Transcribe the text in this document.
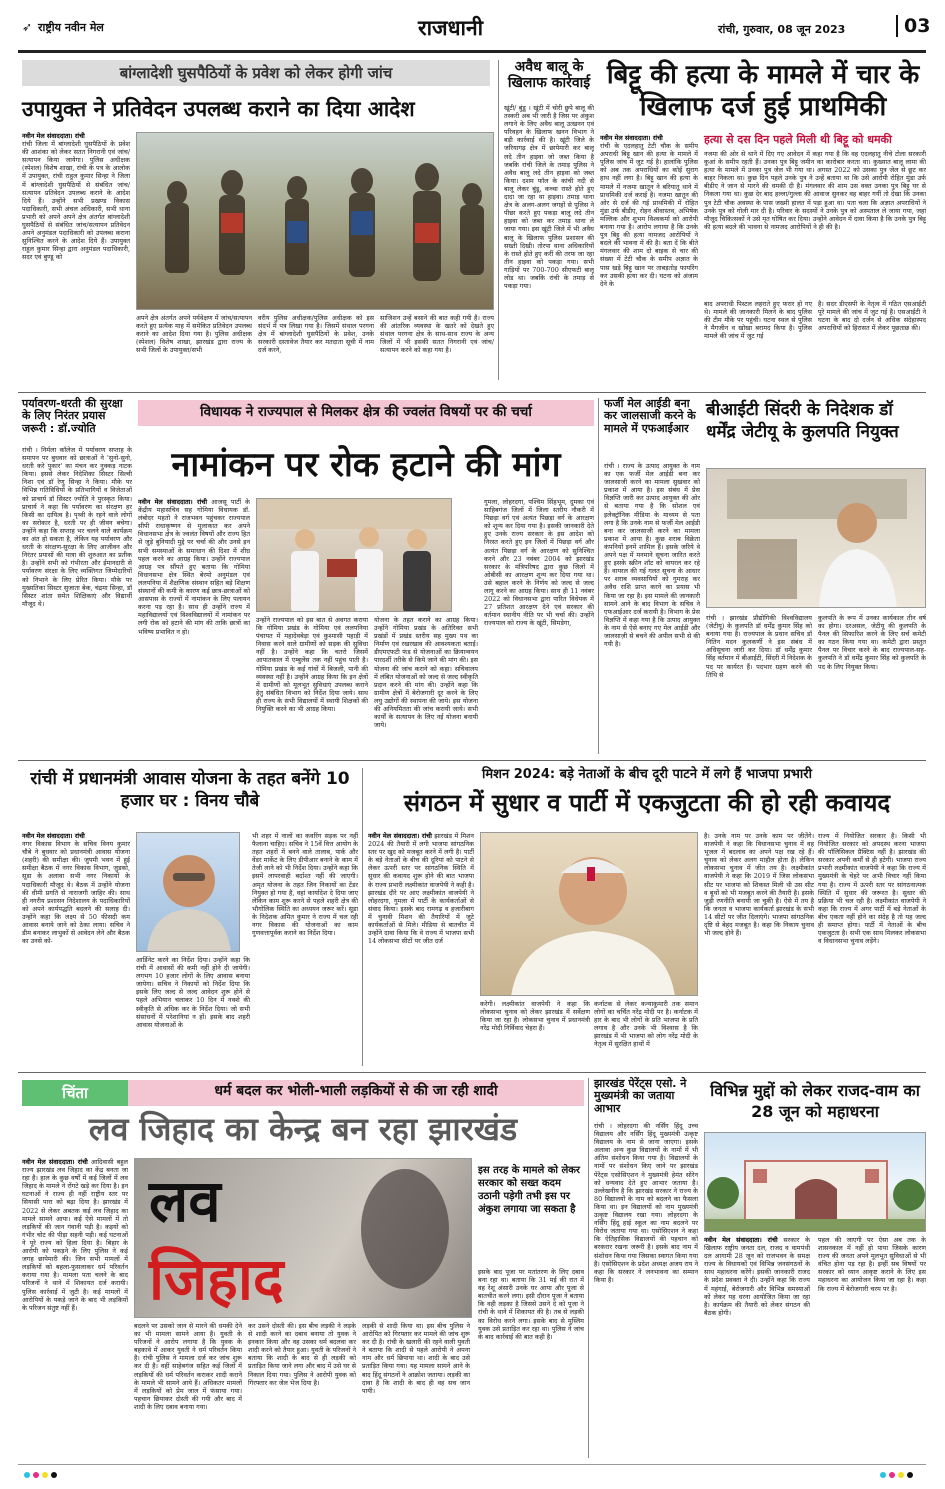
➶ राष्ट्रीय नवीन मेल	राजधानी	रांची, गुरुवार, 08 जून 2023	03
बांग्लादेशी घुसपैठियों के प्रवेश को लेकर होगी जांच
उपायुक्त ने प्रतिवेदन उपलब्ध कराने का दिया आदेश
नवीन मेल संवाददाता। रांची
रांची जिला में बांग्लादेशी घुसपैठियों के प्रवेश की आशंका को लेकर सतत निगरानी एवं जांच/सत्यापन किया जायेगा। पुलिस अधीक्षक (स्पेशल) विशेष शाखा, रांची के पत्र के आलोक में उपायुक्त, रांची राहुल कुमार सिन्हा ने जिला में बांग्लादेशी घुसपैठियों से संबंधित जांच/सत्यापन प्रतिवेदन उपलब्ध कराने के आदेश दिये हैं। उन्होंने सभी प्रखण्ड विकास पदाधिकारी, सभी अंचल अधिकारी, सभी थाना प्रभारी को अपने अपने क्षेत्र अंतर्गत बांग्लादेशी घुसपैठियों से संबंधित जांच/सत्यापन प्रतिवेदन अपने अनुमंडल पदाधिकारी को उपलब्ध कराना सुनिश्चित करने के आदेश दिये हैं। उपायुक्त राहुल कुमार सिन्हा द्वारा अनुमंडल पदाधिकारी, सदर एवं बुण्डू को
अपने क्षेत्र अंतर्गत अपने पर्यवेक्षण में जांच/सत्यापन करते हुए प्रत्येक माह में समेकित प्रतिवेदन उपलब्ध कराने का आदेश दिया गया है। पुलिस अधीक्षक (स्पेशल) विशेष शाखा, झारखंड द्वारा राज्य के सभी जिलों के उपायुक्त/सभी
वरीय पुलिस अधीक्षक/पुलिस अधीक्षक को इस संदर्भ में पत्र लिखा गया है। जिसमें संथाल परगना क्षेत्र में बांग्लादेशी घुसपैठियों के प्रवेश, उनके सरकारी दस्तावेज तैयार कर मतदाता सूची में नाम दर्ज करने,
साजिशन उन्हें बसाने की बात कही गयी है। राज्य की आंतरिक व्यवस्था के खतरे को देखते हुए संथाल परगना क्षेत्र के साथ-साथ राज्य के अन्य जिलों में भी इसकी सतत निगरानी एवं जांच/सत्यापन करने को कहा गया है।
अवैध बालू के खिलाफ कार्रवाई
खूंटी/ बुंडू । खूंटी में चोरी छुपे बालू की तस्करी अब भी जारी है जिस पर अंकुश लगाने के लिए अवैध बालू उत्खनन एवं परिवहन के खिलाफ खनन विभाग ने बड़ी कार्रवाई की है। खूंटी जिले के जरियागढ़ क्षेत्र में छापेमारी कर बालू लदे तीन हाइवा जो जब्त किया है जबकि रांची जिले के तमाड़ पुलिस ने अवैध बालू लदे तीन हाइवा को जब्त किया। दशम फॉल के कांची नदी से बालू लेकर बुंडू, कच्चा रास्ते होते हुए दादा जा रहा था हाइवा। तमाड़ थाना क्षेत्र के अलग-अलग जगहों से पुलिस ने पीछा करते हुए पकड़ा बालू लदे तीन हाइवा को जब्त कर तमाड़ थाना ले जाया गया। इस खूंटी जिले में भी अवैध बालू के खिलाफ पुलिस प्रशासन की सख्ती दिखी। तोरपा थाना अधिकारियों के रास्ते होते हुए करीं की तरफ जा रहा तीन हाइवा को पकड़ा गया। सभी गाड़ियों पर 700-700 सीएफटी बालू लोड था। जबकि रांची के तमाड़ से पकड़ा गया।
बिट्टू की हत्या के मामले में चार के खिलाफ दर्ज हुई प्राथमिकी
नवीन मेल संवाददाता। रांची
रांची के एदलहातु टेटी चौक के समीप अपराधी बिट्टू खान की हत्या के मामले में पुलिस जांच में जुट गई है। हालांकि पुलिस को अब तक अपराधियों का कोई सुराग हाथ नहीं लगा है। बिट्टू खान की हत्या के मामले में नजमा खातून ने बरियातू थाने में प्राथमिकी दर्ज कराई है। नजमा खातून की ओर से दर्ज की गई प्राथमिकी में रोहित मुंडा उर्फ बीडीए, रोहन श्रीवास्तव, अभिषेक मल्लिक और शुभम विश्वकर्मा को आरोपी बनाया गया है। आरोप लगाया है कि उनके पुत्र बिट्टू की हत्या नामजद आरोपियों ने बदले की भावना में की है। बता दें कि बीते मंगलवार की शाम दो बाइक से चार की संख्या में टेटी चौक के समीप अज्ञात के पास खड़े बिट्टू खान पर ताबड़तोड़ फायरिंग कर उसकी हत्या कर दी। घटना को अंजाम देने के
हत्या से दस दिन पहले मिली थी बिट्टू को धमकी
नजमा की ओर से थाने में दिए गए आवेदन में कहा गया है कि वह एदलहातु नीचे टोला सरकारी कुआं के समीप रहती हैं। उनका पुत्र बिट्टू जमीन का कारोबार करता था। कुख्यात बालू लामा की हत्या के मामले में उनका पुत्र जेल भी गया था। अगस्त 2022 को उसका पुत्र जेल से छूट कर बाहर निकला था। कुछ दिन पहले उनके पुत्र ने उन्हें बताया था कि उसे आरोपी रोहित मुंडा उर्फ बीडीए ने जान से मारने की धमकी दी है। मंगलवार की शाम उस वक्त उनका पुत्र बिट्टू घर से निकला गया था। कुछ देर बाद हल्ला/गुल्ला की आवाज सुनकर वह बाहर गयीं तो देखा कि उनका पुत्र टेटी चौक अवस्था के पास जख्मी हालत में पड़ा हुआ था। पता चला कि अज्ञात अपराधियों ने उनके पुत्र को गोली मार दी है। परिवार के सदस्यों ने उनके पुत्र को अस्पताल ले जाया गया, जहां मौजूद चिकित्सकों ने उसे मृत घोषित कर दिया। उन्होंने आवेदन में दावा किया है कि उनके पुत्र बिट्टू की हत्या बदले की भावना से नामजद आरोपियों ने ही की है।
बाद अपराधी पिस्टल लहराते हुए फरार हो गए थे। मामले की जानकारी मिलने के बाद पुलिस की टीम मौके पर पहुंची। घटना स्थल से पुलिस ने मैगजीन व खोखा बरामद किया है। पुलिस मामले की जांच में जुट गई
है। सदर डीएसपी के नेतृत्व में गठित एसआईटी पूरे मामले की जांच में जुट गई है। एसआईटी ने घटना के बाद दो दर्जन से अधिक संदेहास्पद अपराधियों को हिरासत में लेकर पूछताछ की।
पर्यावरण-धरती की सुरक्षा के लिए निरंतर प्रयास जरूरी : डॉ.ज्योति
रांची । निर्मला कॉलेज में पर्यावरण सप्ताह के समापन पर बुधवार को छात्राओं ने 'सुनो-सुनो, धरती करे पुकार' का मंचन कर नुक्कड़ नाटक किया। इससे लेकर निदेशिका सिस्टर सिल्वी निशा एवं डॉ रेणु सिन्हा ने किया। मौके पर विभिन्न गतिविधियों के प्रतिभागियों व विजेताओं को प्राचार्य डॉ सिस्टर ज्योति ने पुरस्कृत किया। प्राचार्य ने कहा कि पर्यावरण का संरक्षण हर किसी का दायित्व है। पृथ्वी के रहने वाले लोगों का सरोकार है, धरती पर ही जीवन बचेगा। उन्होंने कहा कि सप्ताह भर चलने वाले कार्यक्रम का अंत हो सकता है, लेकिन यह पर्यावरण और धरती के संरक्षण-सुरक्षा के लिए आजीवन और निरंतर प्रयासों की यात्रा की शुरुआत का प्रतीक है। उन्होंने सभी को गंभीरता और ईमानदारी से पर्यावरण संरक्षा के लिए व्यक्तिगत जिम्मेदारियों को निभाने के लिए प्रेरित किया। मौके पर मुख्यतिका सिस्टर सुजाता बेक, चंद्रमा सिन्हा, डॉ सिस्टर शांता समेत शिक्षिकाएं और विद्यार्थी मौजूद थे।
विधायक ने राज्यपाल से मिलकर क्षेत्र की ज्वलंत विषयों पर की चर्चा
नामांकन पर रोक हटाने की मांग
नवीन मेल संवाददाता। रांची आजसू पार्टी के केंद्रीय महासचिव सह गोमिया विधायक डॉ. लंबोदर महतो ने राजभवन पहुंचकर राज्यपाल सीपी राधाकृष्णन से मुलाकात कर अपने विधानसभा क्षेत्र के ज्वलंत विषयों और राज्य हित से जुड़े बुनियादी मुद्दे पर चर्चा की और उनसे इन सभी समस्याओं के समाधान की दिशा में शीघ्र पहल करने का आग्रह किया। उन्होंने राज्यपाल आग्रह पत्र सौंपते हुए बताया कि गोमिया विधानसभा क्षेत्र स्थित बेरमो अनुमंडल एवं ललपनिया में शैक्षणिक संस्थान सहित बड़े शिक्षण संस्थानों की कमी के कारण कई छात्र-छात्राओं को आसपास के राज्यों में नामांकन के लिए पलायन करना पड़ रहा है। साथ ही उन्होंने राज्य में महाविद्यालयों एवं विश्वविद्यालयों में नामांकन पर लगी रोक को हटाने की मांग की ताकि छात्रों का भविष्य प्रभावित न हो।
उन्होंने राज्यपाल को इस बात से अवगत कराया कि गोमिया प्रखंड के गोमिया एवं ललपनिया पंचायत में महादेवबेड़ा एवं कुश्मासी पहाड़ी में निवास करने वाले ग्रामीणों को सड़क की सुविधा नहीं है। उन्होंने कहा कि चतरो जिसमें आपातकाल में एम्बुलेंस तक नहीं पहुंच पाती है। गोमिया प्रखंड के कई गांवों में बिजली, पानी की व्यवस्था नहीं है। उन्होंने आग्रह किया कि इन क्षेत्रों में ग्रामीणों को मूलभूत सुविधाएं उपलब्ध कराने हेतु संबंधित विभाग को निर्देश दिया जाये। साथ ही राज्य के सभी विद्यालयों में स्थायी शिक्षकों की नियुक्ति करने का भी आग्रह किया।
योजना के तहत कराने का आग्रह किया। उन्होंने गोमिया प्रखंड के अतिरिक्त सभी प्रखंडों में प्रखंड स्तरीय सह मुख्य पथ का निर्माण एवं रखरखाव की आवश्यकता बताई। डीएमएफटी फंड से योजनाओं का क्रियान्वयन पारदर्शी तरीके से किये जाने की मांग की। इस योजना की जांच कराने को कहा। सचिवालय में लंबित योजनाओं को जल्द से जल्द स्वीकृति प्रदान करने की मांग की। उन्होंने कहा कि ग्रामीण क्षेत्रों में बेरोजगारी दूर करने के लिए लघु उद्योगों की स्थापना की जाये। इस योजना की अनियमितता की जांच करायी जाये। सभी कार्यों के सत्यापन के लिए नई योजना बनायी जाये।
गुमला, लोहरदगा, पश्चिम सिंहभूम, दुमका एवं साहिबगंज जिलों में जिला स्तरीय नौकरी में पिछड़ा वर्ग एवं अत्यंत पिछड़ा वर्ग के आरक्षण को शून्य कर दिया गया है। इसकी जानकारी देते हुए उनके राज्य सरकार के इस आदेश को निरस्त करते हुए इन जिलों में पिछड़ा वर्ग और अत्यंत पिछड़ा वर्ग के आरक्षण को सुनिश्चित करने और 23 नवंबर 2004 को झारखंड सरकार के मंत्रिपरिषद द्वारा कुछ जिलों में ओबीसी का आरक्षण शून्य कर दिया गया था। उसे बहाल करने के निर्णय को जल्द से जल्द लागू करने का आग्रह किया। साथ ही 11 नवंबर 2022 को विधानसभा द्वारा पारित विधेयक में 27 प्रतिशत आरक्षण देने एवं सरकार की वर्तमान स्थानीय नीति पर भी चर्चा की। उन्होंने राज्यपाल को राज्य के खूंटी, सिमडेगा,
फर्जी मेल आईडी बना कर जालसाजी करने के मामले में एफआईआर
रांची । राज्य के उत्पाद आयुक्त के नाम का एक फर्जी मेल आईडी बना कर जालसाजी करने का मामला सुखवार को प्रकाश में आया है। इस संबंध में प्रेस विज्ञप्ति जारी कर उत्पाद आयुक्त की ओर से बताया गया है कि सोशल एवं इलेक्ट्रॉनिक मीडिया के माध्यम से पता लगा है कि उनके नाम से फर्जी मेल आईडी बना कर जालसाजी करने का मामला प्रकाश में आया है। कुछ शराब विक्रेता कंपनियों इनमें शामिल हैं। इसके जरिये वे अपने पक्ष में मनमाने सूचना जारित करते हुए इसके स्क्रीन शॉट को वायरल कर रहे हैं। वायरल की गई गलत सूचना के आधार पर शराब व्यवसायियों को गुमराह कर अवैध राशि प्राप्त करने का प्रयास भी किया जा रहा है। इस मामले की जानकारी सामने आने के बाद विभाग के सचिव ने एफआईआर दर्ज करायी है। विभाग के प्रेस विज्ञप्ति में कहा गया है कि उत्पाद आयुक्त के नाम से ऐसे बनाए गए मेल आईडी और जालसाज़ी से बचने की अपील सभी से की गयी है।
बीआईटी सिंदरी के निदेशक डॉ धर्मेंद्र जेटीयू के कुलपति नियुक्त
रांची । झारखंड प्रौद्योगिकी विश्वविद्यालय (जेटीयू) के कुलपति डॉ धर्मेंद्र कुमार सिंह को बनाया गया है। राज्यपाल के प्रधान सचिव डॉ नितिन मदन कुलकर्णी ने इस संबंध में अधिसूचना जारी कर दिया। डॉ धर्मेंद्र कुमार सिंह वर्तमान में बीआईटी, सिंदरी में निदेशक के पद पर कार्यरत हैं। पदभार ग्रहण करने की तिथि से
कुलपति के रूप में उनका कार्यकाल तीन वर्ष का होगा। दरअसल, जेटीयू की कुलपति के पैनल की सिफारिश करने के लिए सर्च कमेटी का गठन किया गया था। कमेटी द्वारा प्रस्तुत पैनल पर विचार करने के बाद राज्यपाल-सह-कुलपति ने डॉ धर्मेंद्र कुमार सिंह को कुलपति के पद के लिए नियुक्त किया।
रांची में प्रधानमंत्री आवास योजना के तहत बनेंगे 10 हजार घर : विनय चौबे
नवीन मेल संवाददाता। रांची
नगर विकास विभाग के सचिव विनय कुमार चौबे ने बुधवार को प्रधानमंत्री आवास योजना (शहरी) की समीक्षा की। जुपमी भवन में हुई समीक्षा बैठक में नगर विकास विभाग, जुडको, सूडा के अलावा सभी नगर निकायों के पदाधिकारी मौजूद थे। बैठक में उन्होंने योजना की धीमी प्रगति से नाराजगी जाहिर की। साथ ही नगरीय प्रशासन निदेशालय के पदाधिकारियों को अपने कार्यपद्धति बदलने की सलाह दी। उन्होंने कहा कि लक्ष्य से 50 फीसदी कम आवास बनाये जाने को ठेका लाया। सचिव ने डीम बनाकर लाभुकों से आवेदन लेने और बैठक का उनसे को-
आर्डिनेट करने का निर्देश दिया। उन्होंने कहा कि रांची में आवासों की कमी नहीं होने दी जायेगी। लगभग 10 हजार लोगों के लिए आवास बनाया जायेगा। सचिव ने निकायों को निर्देश दिया कि इसके लिए जल्द से जल्द आवेदन शुरू होने से पहले अभियान चलाकर 10 दिन में नक्शे की स्वीकृति से अधिक कर के निर्देश दिया। जो सभी संसाधनों में परेशानियां न हों। इसके बाद शहरी आवास योजनाओं के
भी शहर में नालों का कवरिंग सड़क पर नहीं फैलाना चाहिए। सचिव ने 15वें वित्त आयोग के तहत शहरों में बनने वाले तालाब, पार्क और वेंडर मार्केट के लिए डीपीआर बनाने के काम में तेजी लाने को भी निर्देश दिया। उन्होंने कहा कि इसमें लापरवाही बर्दाश्त नहीं की जाएगी। अमृत योजना के तहत जिन निकायों का टेंडर नियुक्त हो गया है, वहां कार्यादेश दे दिया जाए लेकिन काम शुरू करने से पहले शहरी क्षेत्र की भौगोलिक स्थिति का अध्ययन जरूर करें। सूडा के निदेशक अमित कुमार ने राज्य में चल रही नगर विकास की योजनाओं का काम गुणवत्तापूर्वक कराने का निर्देश दिया।
मिशन 2024: बड़े नेताओं के बीच दूरी पाटने में लगे हैं भाजपा प्रभारी
संगठन में सुधार व पार्टी में एकजुटता की हो रही कवायद
नवीन मेल संवाददाता। रांची झारखंड में मिशन 2024 की तैयारी में लगी भाजपा सांगठनिक स्तर पर खुद को मजबूत करने में लगी है। पार्टी के बड़े नेताओं के बीच की दूरियां को पाटने से लेकर ऊपरी स्तर पर सांगठनिक स्थिति में सुधार की कवायद शुरू होने की बात भाजपा के राज्य प्रभारी लक्ष्मीकांत वाजपेयी ने कही है। झारखंड दौरे पर आए लक्ष्मीकांत वाजपेयी ने लोहरदगा, गुमला में पार्टी के कार्यकर्ताओं से संवाद किया। इसके बाद रामगढ़ व हजारीबाग में चुनावी मिशन की तैयारियों में जुटे कार्यकर्ताओं से मिले। मीडिया से बातचीत में उन्होंने दावा किया कि वे राज्य में भाजपा सभी 14 लोकसभा सीटों पर जीत दर्ज
करेगी। लक्ष्मीकांत वाजपेयी ने कहा कि लोकसभा चुनाव को लेकर झारखंड में सर्वेक्षण किया जा रहा है। लोकसभा चुनाव में प्रधानमंत्री नरेंद्र मोदी निर्विवाद चेहरा हैं।
कर्नाटक से लेकर कन्याकुमारी तक समान लोगों का चर्चित नरेंद्र मोदी पर है। कर्नाटक में हार के बाद भी लोगों के प्रति भाजपा के प्रति लगाव है और उनके भी विश्वास है कि झारखंड में भी भाजपा को लोग नरेंद्र मोदी के नेतृत्व में सुरक्षित हाथों में
है। उनके नाम पर उनके काम पर जीतेंगे। वाजपेयी ने कहा कि विधानसभा चुनाव में वह भूजल में बदलाव का अपने पक्ष रख रहे हैं। चुनाव को लेकर अलग माहौल होता है। लेकिन लोकसभा चुनाव में जीत तय है। लक्ष्मीकांत वाजपेयी ने कहा कि 2019 में जिस लोकसभा सीट पर भाजपा को शिकस्त मिली थी उस सीट व बूथों को भी मजबूत करने की तैयारी है। इसके जुड़ी रणनीति बनायी जा चुकी है। ऐसे में तय है कि जनता व भाजपा कार्यकर्ता झारखंड के सभी 14 सीटों पर जीत दिलाएंगे। भाजपा सांगठनिक दृष्टि से बेहद मजबूत है। कहा कि निकाय चुनाव भी जल्द होने हैं।
राज्य में नियोजित सरकार है। किसी भी नियोजित सरकार को अपदस्थ करना भाजपा की पॉलिसिकल प्रैक्टिस नहीं है। झारखंड की सरकार अपनी कर्मों से ही हटेगी। भाजपा राज्य प्रभारी लक्ष्मीकांत वाजपेयी ने कहा कि राज्य में मुख्यमंत्री के चेहरे पर अभी विचार नहीं किया गया है। राज्य में ऊपरी स्तर पर सांगठनात्मक स्थिति में सुधार की जरूरत है। सुधार की प्रक्रिया भी चल रही है। लक्ष्मीकांत वाजपेयी ने कहा कि राज्य में अगर पार्टी में बड़े नेताओं के बीच एकता नहीं होने का संदेह है तो यह जल्द ही समाप्त होगा। पार्टी में नेताओं के बीच एकजुटता है। सभी एक साथ मिलकर लोकसभा व विधानसभा चुनाव लड़ेंगे।
चिंता	धर्म बदल कर भोली-भाली लड़कियों से की जा रही शादी
लव जिहाद का केन्द्र बन रहा झारखंड
नवीन मेल संवाददाता। रांची आदिवासी बहुल राज्य झारखंड लव जिहाद का केंद्र बनता जा रहा है। हाल के कुछ वर्षों में कई जिलों में लव जिहाद के मामले ने रोंगटे खड़े कर दिया है। इन घटनाओं ने राज्य ही नहीं राष्ट्रीय स्तर पर सियासी पारा को बढ़ा दिया है। झारखंड में 2022 से लेकर अबतक कई लव जिहाद का मामले सामने आया। कई ऐसे मामलों में तो लड़कियों की जान गंवानी पड़ी है। कइयों को गंभीर चोट की पीड़ा सहनी पड़ी। कई घटनाओं ने पूरे राज्य को हिला दिया है। बिहार के आरोपी को पकड़ने के लिए पुलिस ने कई जगह छापेमारी की। जिन सभी मामलों में लड़कियों को बहला-फुसलाकर धर्म परिवर्तन कराया गया है। मामला पता चलने के बाद परिजनों ने थाने में शिकायत दर्ज करायी। पुलिस कार्रवाई में जुटी है। कई मामलों में आरोपियों के पकड़े जाने के बाद भी लड़कियों के परिजन संतुष्ट नहीं हैं।
लव
जिहाद
इस तरह के मामले को लेकर सरकार को सख्त कदम उठानी पड़ेगी तभी इस पर अंकुश लगाया जा सकता है
बदलने पर उसको जान से मारने की धमकी देने का भी मामला सामने आया है। युवती के परिजनों ने आरोप लगाया है कि युवक के बहकावे में आकर युवती ने धर्म परिवर्तन किया है। रांची पुलिस ने मामला दर्ज कर जांच शुरू कर दी है। वहीं साहेबगंज सहित कई जिलों में लड़कियों की धर्म परिवर्तन कराकर शादी कराने के मामले भी सामने आये हैं। अधिकतर मामलों में लड़कियों को प्रेम जाल में फंसाया गया। पहचान छिपाकर दोस्ती की गयी और बाद में शादी के लिए दबाव बनाया गया।
कर उसने दोस्ती की। इस बीच लड़की ने लड़के से शादी करने का दबाव बनाया तो युवक ने इनकार किया और वह उसका धर्म बदलवा कर शादी करने को तैयार हुआ। युवती के परिजनों ने बताया कि शादी के बाद से ही लड़की को प्रताड़ित किया जाने लगा और बाद में उसे घर से निकाल दिया गया। पुलिस ने आरोपी युवक को गिरफ्तार कर जेल भेज दिया है।
लड़की से शादी किया था। इस बीच पुलिस ने आरोपित को गिरफ्तार कर मामले की जांच शुरू कर दी है। रांची के खलारी की रहने वाली युवती ने बताया कि शादी से पहले आरोपी ने अपना नाम और धर्म छिपाया था। शादी के बाद उसे प्रताड़ित किया गया। यह मामला सामने आने के बाद हिंदू संगठनों ने आक्रोश जताया। लड़की का दावा है कि शादी के बाद ही वह सच जान पायी।
इसके बाद पूजा पर मतांतरण के लिए दबाव बना रहा था। बताया कि 31 मई की रात में वह रेशू अंसारी उनके घर आया और पूजा से बातचीत करने लगा। इसी दौरान पूजा ने बताया कि वही लड़का है जिससे उसने दे को पूजा ने रांची के थाने में शिकायत की है। तब से लड़की का विरोध करने लगा। इसके बाद से मुस्लिम युवक उसे प्रताड़ित कर रहा था। पुलिस ने जांच के बाद कार्रवाई की बात कही है।
झारखंड पेरेंट्स एसो. ने मुख्यमंत्री का जताया आभार
रांची । लोहरदगा की नर्सिंग हिंदू उच्च विद्यालय और नर्सिंग हिंदू मुख्यमंत्री उत्कृष्ट विद्यालय के नाम से जाना जाएगा। इसके अलावा अन्य कुछ विद्यालयों के नामों में भी अंतिम संशोधन किया गया है। विद्यालयों के नामों पर संशोधन किए जाने पर झारखंड पेरेंट्स एसोसिएशन ने मुख्यमंत्री हेमंत सोरेन को धन्यवाद देते हुए आभार जताया है। उल्लेखनीय है कि झारखंड सरकार ने राज्य के 80 विद्यालयों के नाम को बदलने का फैसला किया था। इन विद्यालयों को नाम मुख्यमंत्री उत्कृष्ट विद्यालय रखा गया। लोहरदगा के नर्सिंग हिंदू हाई स्कूल का नाम बदलने पर विरोध जताया गया था। एसोसिएशन ने कहा कि ऐतिहासिक विद्यालयों की पहचान को बरकरार रखना जरूरी है। इसके बाद नाम में संशोधन किया गया जिसका स्वागत किया गया है। एसोसिएशन के प्रदेश अध्यक्ष अजय राय ने कहा कि सरकार ने जनभावना का सम्मान किया है।
विभिन्न मुद्दों को लेकर राजद-वाम का 28 जून को महाधरना
नवीन मेल संवाददाता। रांची सरकार के खिलाफ राष्ट्रीय जनता दल, राजद व वामपंथी दल आगामी 28 जून को राजभवन के समक्ष राज्य के विधायकों एवं विभिन्न जनसंगठनों के साथ महाधरना करेंगे। इसकी जानकारी राजद के प्रदेश प्रवक्ता ने दी। उन्होंने कहा कि राज्य में महंगाई, बेरोजगारी और विभिन्न समस्याओं को लेकर यह धरना आयोजित किया जा रहा है। कार्यक्रम की तैयारी को लेकर संगठन की बैठक होगी।
पहल की जाएगी पर ऐसा अब तक के शासनकाल में नहीं हो पाया जिसके कारण राज्य की जनता अपने मूलभूत सुविधाओं से भी वंचित होना पड़ रहा है। इन्हीं सब विषयों पर सरकार को ध्यान आकृष्ट कराने के लिए इस महाधरना का आयोजन किया जा रहा है। कहा कि राज्य में बेरोजगारी चरम पर है।
